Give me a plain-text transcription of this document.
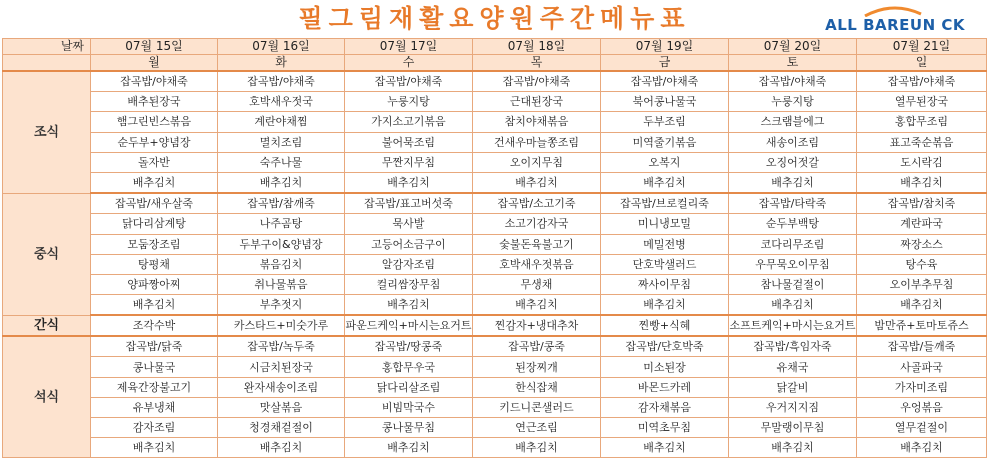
필그림재활요양원주간메뉴표	ALL BAREUN CK
날짜	07월 15일	07월 16일	07월 17일	07월 18일	07월 19일	07월 20일	07월 21일
	월	화	수	목	금	토	일
조식	잡곡밥/야채죽	잡곡밥/야채죽	잡곡밥/야채죽	잡곡밥/야채죽	잡곡밥/야채죽	잡곡밥/야채죽	잡곡밥/야채죽
	배추된장국	호박새우젓국	누룽지탕	근대된장국	북어콩나물국	누룽지탕	열무된장국
	햄그린빈스볶음	계란야채찜	가지소고기볶음	참치야채볶음	두부조림	스크램블에그	홍합무조림
	순두부+양념장	멸치조림	불어묵조림	건새우마늘쫑조림	미역줄기볶음	새송이조림	표고죽순볶음
	돌자반	숙주나물	무짠지무침	오이지무침	오복지	오징어젓갈	도시락김
	배추김치	배추김치	배추김치	배추김치	배추김치	배추김치	배추김치
중식	잡곡밥/새우살죽	잡곡밥/참깨죽	잡곡밥/표고버섯죽	잡곡밥/소고기죽	잡곡밥/브로컬리죽	잡곡밥/타락죽	잡곡밥/참치죽
	닭다리삼계탕	나주곰탕	묵사발	소고기감자국	미니냉모밀	순두부백탕	계란파국
	모둠장조림	두부구이&양념장	고등어소금구이	숯불돈육불고기	메밀전병	코다리무조림	짜장소스
	탕평채	볶음김치	알감자조림	호박새우젓볶음	단호박샐러드	우무묵오이무침	탕수육
	양파짱아찌	취나물볶음	컬리쌈장무침	무생채	짜사이무침	참나물겉절이	오이부추무침
	배추김치	부추젓지	배추김치	배추김치	배추김치	배추김치	배추김치
간식	조각수박	카스타드+미숫가루	파운드케익+마시는요거트	찐감자+냉대추차	찐빵+식혜	소프트케익+마시는요거트	밤만쥬+토마토쥬스
석식	잡곡밥/닭죽	잡곡밥/녹두죽	잡곡밥/땅콩죽	잡곡밥/콩죽	잡곡밥/단호박죽	잡곡밥/흑임자죽	잡곡밥/들깨죽
	콩나물국	시금치된장국	홍합무우국	된장찌개	미소된장	유채국	사골파국
	제육간장불고기	완자새송이조림	닭다리살조림	한식잡채	바몬드카레	닭갈비	가자미조림
	유부냉채	맛살볶음	비빔막국수	키드니콘샐러드	감자채볶음	우거지지짐	우엉볶음
	감자조림	청경채겉절이	콩나물무침	연근조림	미역초무침	무말랭이무침	열무겉절이
	배추김치	배추김치	배추김치	배추김치	배추김치	배추김치	배추김치
